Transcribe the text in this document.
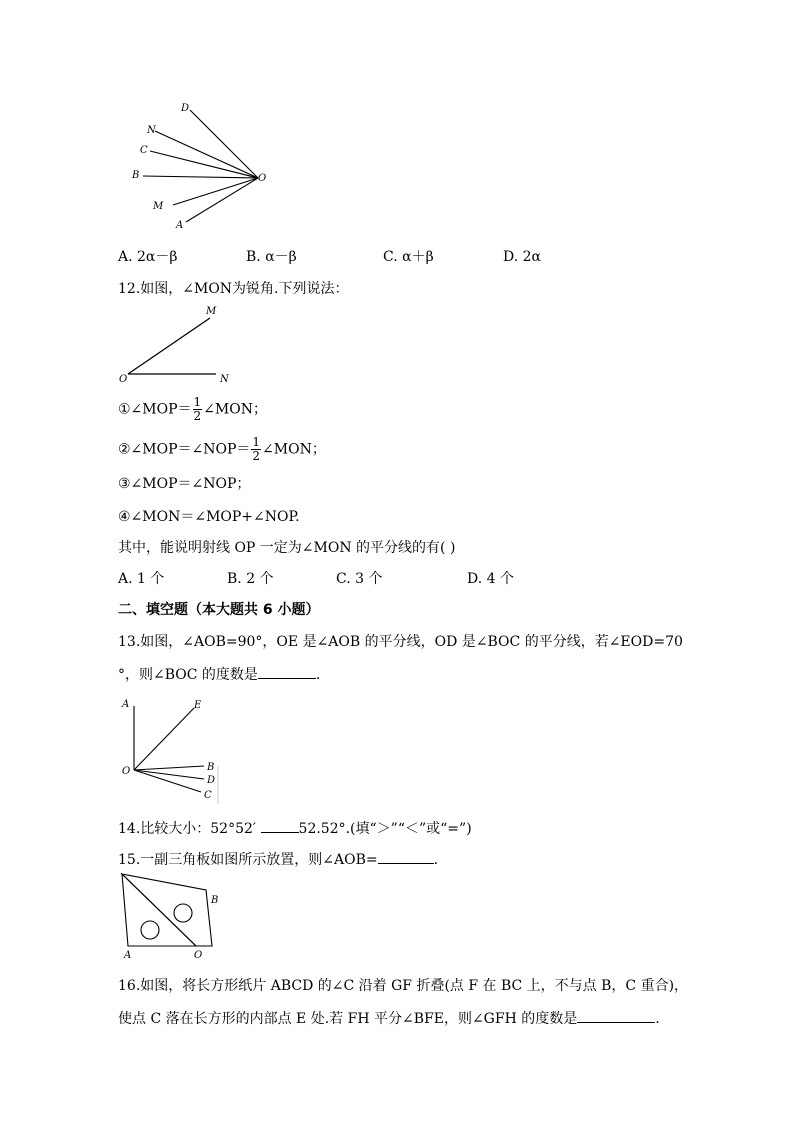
D
N
C
B
M
A
O
A. 2α－β	B. α－β	C. α＋β	D. 2α
12.如图，∠MON为锐角.下列说法：
M
O	N
①∠MOP＝ $\frac{1}{2}$ ∠MON；
②∠MOP＝∠NOP＝ $\frac{1}{2}$ ∠MON；
③∠MOP＝∠NOP；
④∠MON＝∠MOP+∠NOP.
其中，能说明射线 OP 一定为∠MON 的平分线的有( )
A. 1 个	B. 2 个	C. 3 个	D. 4 个
二、填空题（本大题共 6 小题）
13.如图，∠AOB=90°，OE 是∠AOB 的平分线，OD 是∠BOC 的平分线，若∠EOD=70
°，则∠BOC 的度数是	.
A	E
O	B
D
C
14.比较大小：52°52′	52.52°.(填“＞”“＜”或“=”)
15.一副三角板如图所示放置，则∠AOB=	.
B
A	O
16.如图，将长方形纸片 ABCD 的∠C 沿着 GF 折叠(点 F 在 BC 上，不与点 B，C 重合)，
使点 C 落在长方形的内部点 E 处.若 FH 平分∠BFE，则∠GFH 的度数是	.
